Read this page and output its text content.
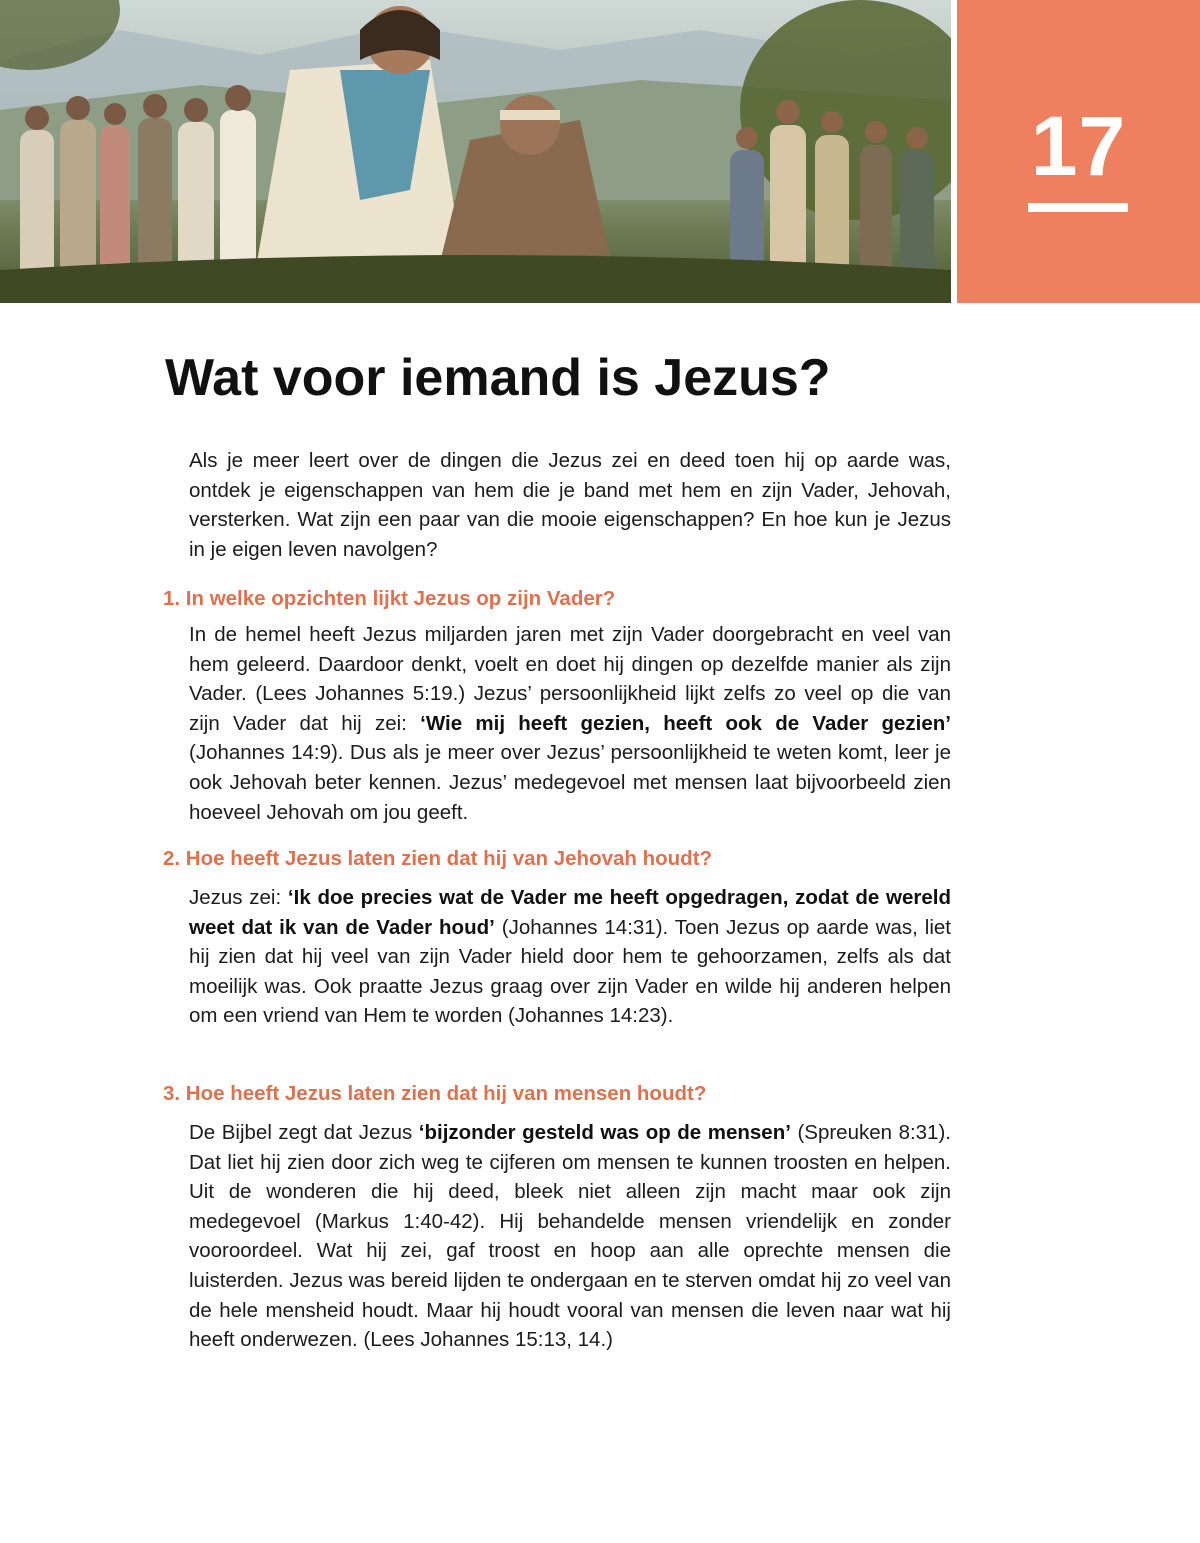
17
Wat voor iemand is Jezus?

Als je meer leert over de dingen die Jezus zei en deed toen hij op aarde was, ontdek je eigenschappen van hem die je band met hem en zijn Vader, Jehovah, versterken. Wat zijn een paar van die mooie eigenschappen? En hoe kun je Jezus in je eigen leven navolgen?

1. In welke opzichten lijkt Jezus op zijn Vader?

In de hemel heeft Jezus miljarden jaren met zijn Vader doorgebracht en veel van hem geleerd. Daardoor denkt, voelt en doet hij dingen op dezelfde manier als zijn Vader. (Lees Johannes 5:19.) Jezus’ persoonlijkheid lijkt zelfs zo veel op die van zijn Vader dat hij zei: ‘Wie mij heeft gezien, heeft ook de Vader gezien’ (Johannes 14:9). Dus als je meer over Jezus’ persoonlijkheid te weten komt, leer je ook Jehovah beter kennen. Jezus’ medegevoel met mensen laat bijvoorbeeld zien hoeveel Jehovah om jou geeft.

2. Hoe heeft Jezus laten zien dat hij van Jehovah houdt?

Jezus zei: ‘Ik doe precies wat de Vader me heeft opgedragen, zodat de wereld weet dat ik van de Vader houd’ (Johannes 14:31). Toen Jezus op aarde was, liet hij zien dat hij veel van zijn Vader hield door hem te gehoorzamen, zelfs als dat moeilijk was. Ook praatte Jezus graag over zijn Vader en wilde hij anderen helpen om een vriend van Hem te worden (Johannes 14:23).

3. Hoe heeft Jezus laten zien dat hij van mensen houdt?

De Bijbel zegt dat Jezus ‘bijzonder gesteld was op de mensen’ (Spreuken 8:31). Dat liet hij zien door zich weg te cijferen om mensen te kunnen troosten en helpen. Uit de wonderen die hij deed, bleek niet alleen zijn macht maar ook zijn medegevoel (Markus 1:40-42). Hij behandelde mensen vriendelijk en zonder vooroordeel. Wat hij zei, gaf troost en hoop aan alle oprechte mensen die luisterden. Jezus was bereid lijden te ondergaan en te sterven omdat hij zo veel van de hele mensheid houdt. Maar hij houdt vooral van mensen die leven naar wat hij heeft onderwezen. (Lees Johannes 15:13, 14.)
